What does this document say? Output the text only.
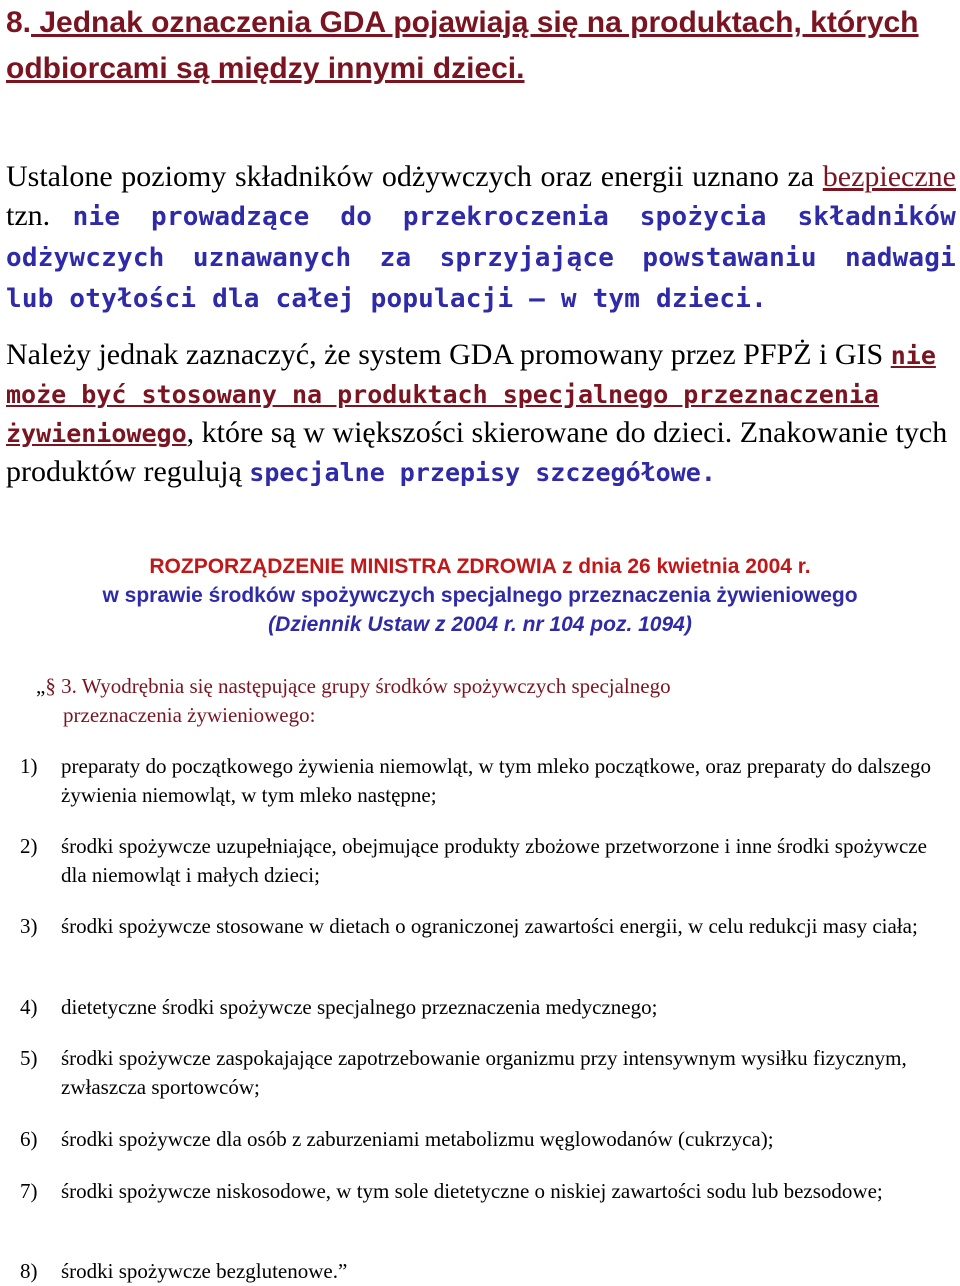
8. Jednak oznaczenia GDA pojawiają się na produktach, których odbiorcami są między innymi dzieci.

Ustalone poziomy składników odżywczych oraz energii uznano za bezpieczne tzn. nie prowadzące do przekroczenia spożycia składników odżywczych uznawanych za sprzyjające powstawaniu nadwagi lub otyłości dla całej populacji – w tym dzieci.

Należy jednak zaznaczyć, że system GDA promowany przez PFPŻ i GIS nie może być stosowany na produktach specjalnego przeznaczenia żywieniowego, które są w większości skierowane do dzieci. Znakowanie tych produktów regulują specjalne przepisy szczegółowe.

ROZPORZĄDZENIE MINISTRA ZDROWIA z dnia 26 kwietnia 2004 r.
w sprawie środków spożywczych specjalnego przeznaczenia żywieniowego
(Dziennik Ustaw z 2004 r. nr 104 poz. 1094)
„§ 3. Wyodrębnia się następujące grupy środków spożywczych specjalnego
przeznaczenia żywieniowego:
1) preparaty do początkowego żywienia niemowląt, w tym mleko początkowe, oraz preparaty do dalszego żywienia niemowląt, w tym mleko następne;
2) środki spożywcze uzupełniające, obejmujące produkty zbożowe przetworzone i inne środki spożywcze dla niemowląt i małych dzieci;
3) środki spożywcze stosowane w dietach o ograniczonej zawartości energii, w celu redukcji masy ciała;
4) dietetyczne środki spożywcze specjalnego przeznaczenia medycznego;
5) środki spożywcze zaspokajające zapotrzebowanie organizmu przy intensywnym wysiłku fizycznym, zwłaszcza sportowców;
6) środki spożywcze dla osób z zaburzeniami metabolizmu węglowodanów (cukrzyca);
7) środki spożywcze niskosodowe, w tym sole dietetyczne o niskiej zawartości sodu lub bezsodowe;
8) środki spożywcze bezglutenowe.”
